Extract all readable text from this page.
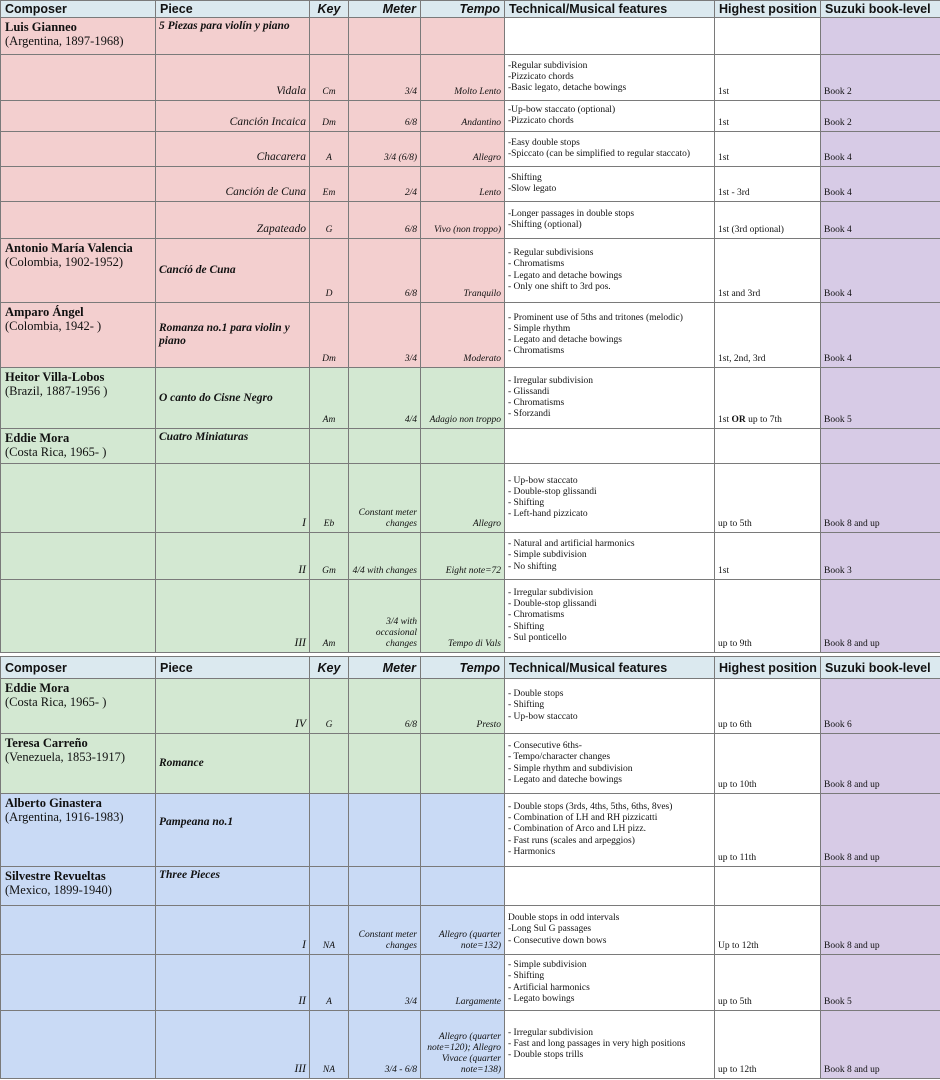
Composer	Piece	Key	Meter	Tempo	Technical/Musical features	Highest position	Suzuki book-level

Luis Gianneo
(Argentina, 1897-1968)	5 Piezas para violín y piano						
	Vidala	Cm	3/4	Molto Lento	-Regular subdivision
-Pizzicato chords
-Basic legato, detache bowings	1st	Book 2
	Canción Incaica	Dm	6/8	Andantino	-Up-bow staccato (optional)
-Pizzicato chords	1st	Book 2
	Chacarera	A	3/4 (6/8)	Allegro	-Easy double stops
-Spiccato (can be simplified to regular staccato)	1st	Book 4
	Canción de Cuna	Em	2/4	Lento	-Shifting
-Slow legato	1st - 3rd	Book 4
	Zapateado	G	6/8	Vivo (non troppo)	-Longer passages in double stops
-Shifting (optional)	1st (3rd optional)	Book 4

Antonio María Valencia
(Colombia, 1902-1952)	Cancíó de Cuna	D	6/8	Tranquilo	- Regular subdivisions
- Chromatisms
- Legato and detache bowings
- Only one shift to 3rd pos.	1st and 3rd	Book 4

Amparo Ángel
(Colombia, 1942- )	Romanza no.1 para violin y piano	Dm	3/4	Moderato	- Prominent use of 5ths and tritones (melodic)
- Simple rhythm
- Legato and detache bowings
- Chromatisms	1st, 2nd, 3rd	Book 4

Heitor Villa-Lobos
(Brazil, 1887-1956 )	O canto do Cisne Negro	Am	4/4	Adagio non troppo	- Irregular subdivision
- Glissandi
- Chromatisms
- Sforzandi	1st OR up to 7th	Book 5

Eddie Mora
(Costa Rica, 1965- )	Cuatro Miniaturas						
	I	Eb	Constant meter changes	Allegro	- Up-bow staccato
- Double-stop glissandi
- Shifting
- Left-hand pizzicato	up to 5th	Book 8 and up
	II	Gm	4/4 with changes	Eight note=72	- Natural and artificial harmonics
- Simple subdivision
- No shifting	1st	Book 3
	III	Am	3/4 with occasional changes	Tempo di Vals	- Irregular subdivision
- Double-stop glissandi
- Chromatisms
- Shifting
- Sul ponticello	up to 9th	Book 8 and up
Composer	Piece	Key	Meter	Tempo	Technical/Musical features	Highest position	Suzuki book-level

Eddie Mora
(Costa Rica, 1965- )	IV	G	6/8	Presto	- Double stops
- Shifting
- Up-bow staccato	up to 6th	Book 6

Teresa Carreño
(Venezuela, 1853-1917)	Romance				- Consecutive 6ths-
- Tempo/character changes
- Simple rhythm and subdivision
- Legato and dateche bowings	up to 10th	Book 8 and up

Alberto Ginastera
(Argentina, 1916-1983)	Pampeana no.1				- Double stops (3rds, 4ths, 5ths, 6ths, 8ves)
- Combination of LH and RH pizzicatti
- Combination of Arco and LH pizz.
- Fast runs (scales and arpeggios)
- Harmonics	up to 11th	Book 8 and up

Silvestre Revueltas
(Mexico, 1899-1940)	Three Pieces						
	I	NA	Constant meter changes	Allegro (quarter note=132)	Double stops in odd intervals
-Long Sul G passages
- Consecutive down bows	Up to 12th	Book 8 and up
	II	A	3/4	Largamente	- Simple subdivision
- Shifting
- Artificial harmonics
- Legato bowings	up to 5th	Book 5
	III	NA	3/4 - 6/8	Allegro (quarter note=120); Allegro Vivace (quarter note=138)	- Irregular subdivision
- Fast and long passages in very high positions
- Double stops trills	up to 12th	Book 8 and up
